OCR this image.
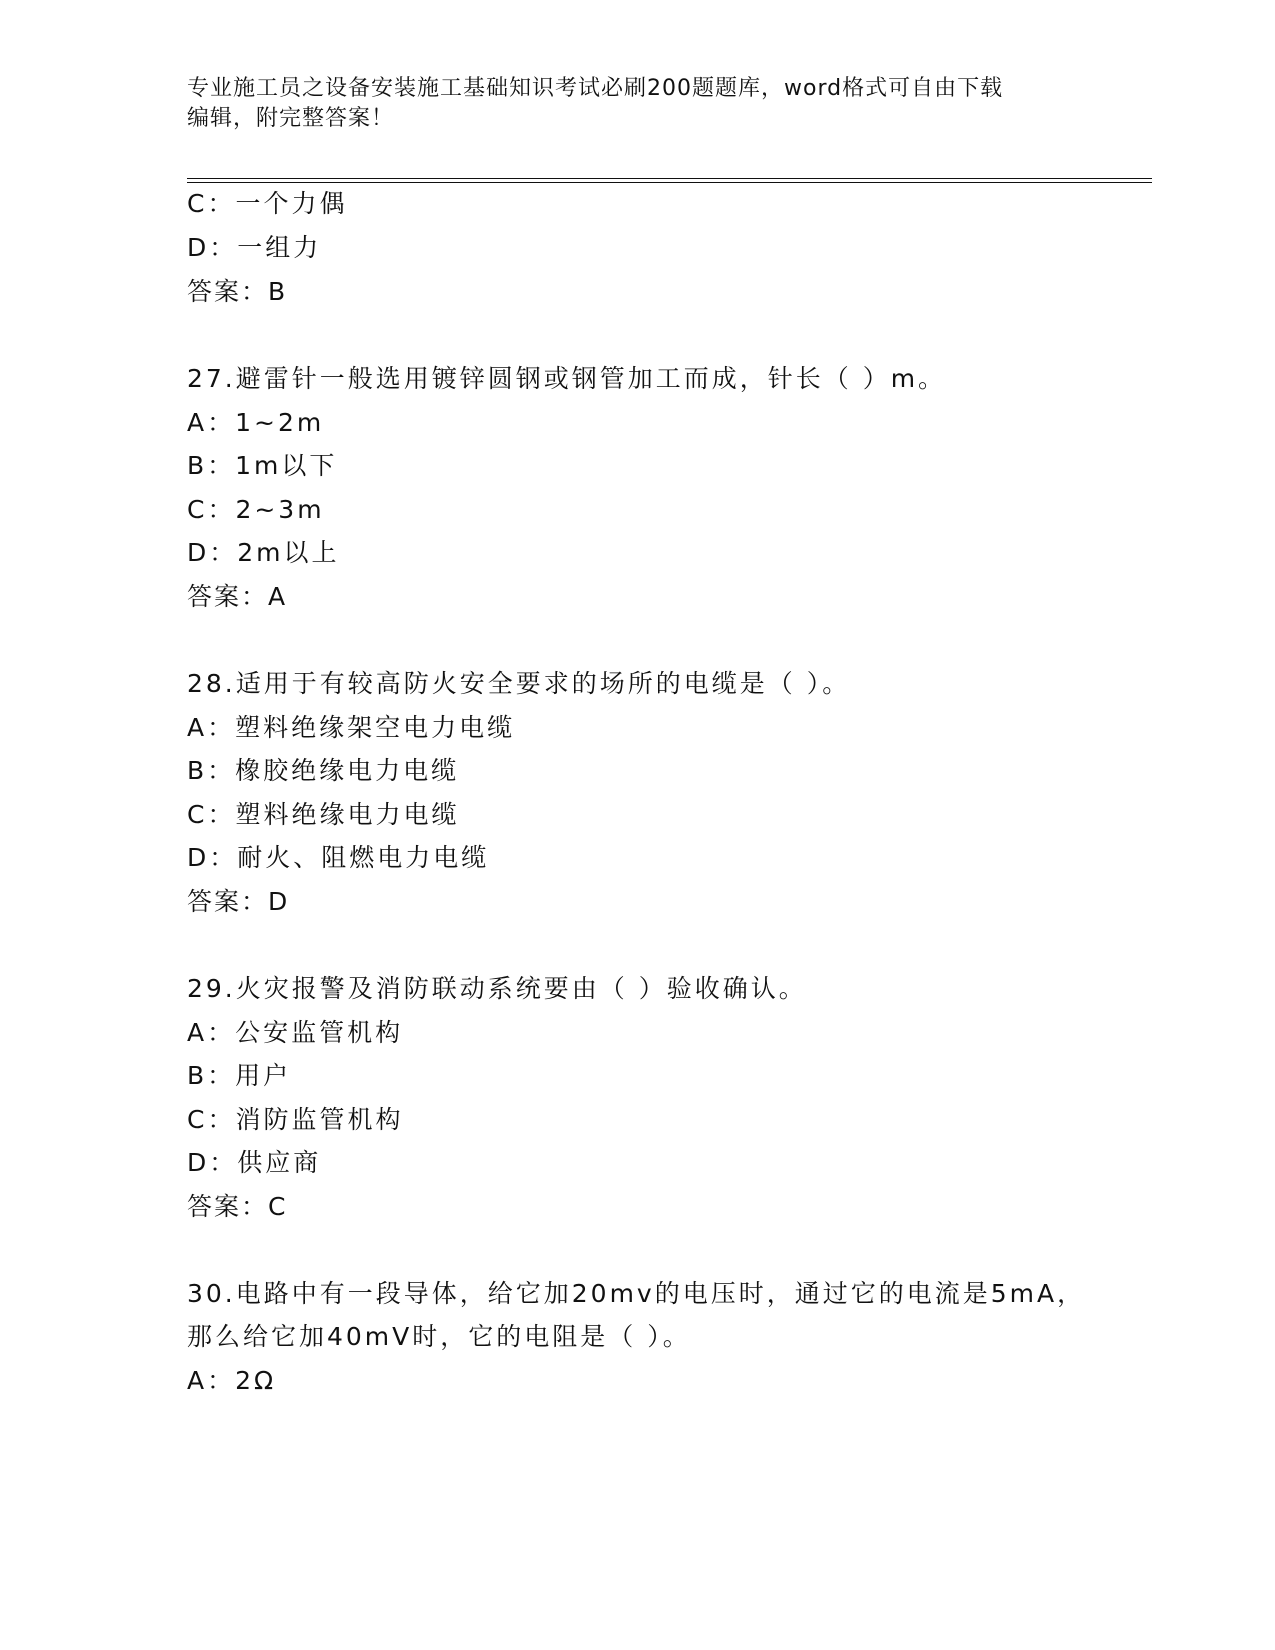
专业施工员之设备安装施工基础知识考试必刷200题题库，word格式可自由下载
编辑，附完整答案！
C：一个力偶
D：一组力
答案：B
27.避雷针一般选用镀锌圆钢或钢管加工而成，针长（ ）m。
A：1~2m
B：1m以下
C：2~3m
D：2m以上
答案：A
28.适用于有较高防火安全要求的场所的电缆是（ ）。
A：塑料绝缘架空电力电缆
B：橡胶绝缘电力电缆
C：塑料绝缘电力电缆
D：耐火、阻燃电力电缆
答案：D
29.火灾报警及消防联动系统要由（ ）验收确认。
A：公安监管机构
B：用户
C：消防监管机构
D：供应商
答案：C
30.电路中有一段导体，给它加20mv的电压时，通过它的电流是5mA，
那么给它加40mV时，它的电阻是（ ）。
A：2Ω
